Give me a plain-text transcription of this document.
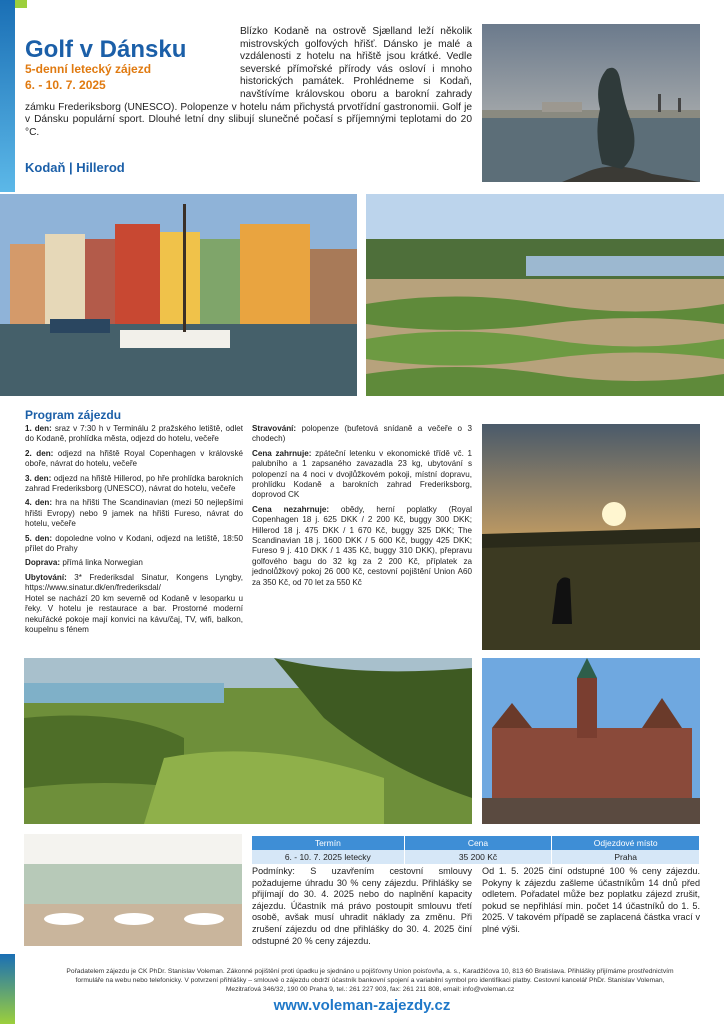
Golf v Dánsku
5-denní letecký zájezd
6. - 10. 7. 2025
Blízko Kodaně na ostrově Sjælland leží několik mistrovských golfových hřišť. Dánsko je malé a vzdálenosti z hotelu na hřiště jsou krátké. Vedle severské přímořské přírody vás osloví i mnoho historických památek. Prohlédneme si Kodaň, navštívíme královskou oboru a barokní zahrady zámku Frederiksborg (UNESCO). Polopenze v hotelu nám přichystá prvotřídní gastronomii. Golf je v Dánsku populární sport. Dlouhé letní dny slibují slunečné počasí s příjemnými teplotami do 20 °C.
Kodaň | Hillerod
Program zájezdu

1. den: sraz v 7:30 h v Terminálu 2 pražského letiště, odlet do Kodaně, prohlídka města, odjezd do hotelu, večeře

2. den: odjezd na hřiště Royal Copenhagen v královské oboře, návrat do hotelu, večeře

3. den: odjezd na hřiště Hillerod, po hře prohlídka barokních zahrad Frederiksborg (UNESCO), návrat do hotelu, večeře

4. den: hra na hřišti The Scandinavian (mezi 50 nejlepšími hřišti Evropy) nebo 9 jamek na hřišti Fureso, návrat do hotelu, večeře

5. den: dopoledne volno v Kodani, odjezd na letiště, 18:50 přílet do Prahy

Doprava: přímá linka Norwegian

Ubytování: 3* Frederiksdal Sinatur, Kongens Lyngby, https://www.sinatur.dk/en/frederiksdal/
Hotel se nachází 20 km severně od Kodaně v lesoparku u řeky. V hotelu je restaurace a bar. Prostorné moderní nekuřácké pokoje mají konvici na kávu/čaj, TV, wifi, balkon, koupelnu s fénem

Stravování: polopenze (bufetová snídaně a večeře o 3 chodech)

Cena zahrnuje: zpáteční letenku v ekonomické třídě vč. 1 palubního a 1 zapsaného zavazadla 23 kg, ubytování s polopenzí na 4 noci v dvojlůžkovém pokoji, místní dopravu, prohlídku Kodaně a barokních zahrad Frederiksborg, doprovod CK

Cena nezahrnuje: obědy, herní poplatky (Royal Copenhagen 18 j. 625 DKK / 2 200 Kč, buggy 300 DKK; Hillerod 18 j. 475 DKK / 1 670 Kč, buggy 325 DKK; The Scandinavian 18 j. 1600 DKK / 5 600 Kč, buggy 425 DKK; Fureso 9 j. 410 DKK / 1 435 Kč, buggy 310 DKK), přepravu golfového bagu do 32 kg za 2 200 Kč, příplatek za jednolůžkový pokoj 26 000 Kč, cestovní pojištění Union A60 za 350 Kč, od 70 let za 550 Kč

Termín	Cena	Odjezdové místo
6. - 10. 7. 2025 letecky	35 200 Kč	Praha
Podmínky: S uzavřením cestovní smlouvy požadujeme úhradu 30 % ceny zájezdu. Přihlášky se přijímají do 30. 4. 2025 nebo do naplnění kapacity zájezdu. Účastník má právo postoupit smlouvu třetí osobě, avšak musí uhradit náklady za změnu. Při zrušení zájezdu od dne přihlášky do 30. 4. 2025 činí odstupné 20 % ceny zájezdu.
Od 1. 5. 2025 činí odstupné 100 % ceny zájezdu. Pokyny k zájezdu zašleme účastníkům 14 dnů před odletem. Pořadatel může bez poplatku zájezd zrušit, pokud se nepřihlásí min. počet 14 účastníků do 1. 5. 2025. V takovém případě se zaplacená částka vrací v plné výši.
Pořadatelem zájezdu je CK PhDr. Stanislav Voleman. Zákonné pojištění proti úpadku je sjednáno u pojišťovny Union poisťovňa, a. s., Karadžičova 10, 813 60 Bratislava. Přihlášky přijímáme prostřednictvím formuláře na webu nebo telefonicky. V potvrzení přihlášky – smlouvě o zájezdu obdrží účastník bankovní spojení a variabilní symbol pro identifikaci platby. Cestovní kancelář PhDr. Stanislav Voleman, Mezitraťová 346/32, 190 00 Praha 9, tel.: 261 227 903, fax: 261 211 808, email: info@voleman.cz
www.voleman-zajezdy.cz
